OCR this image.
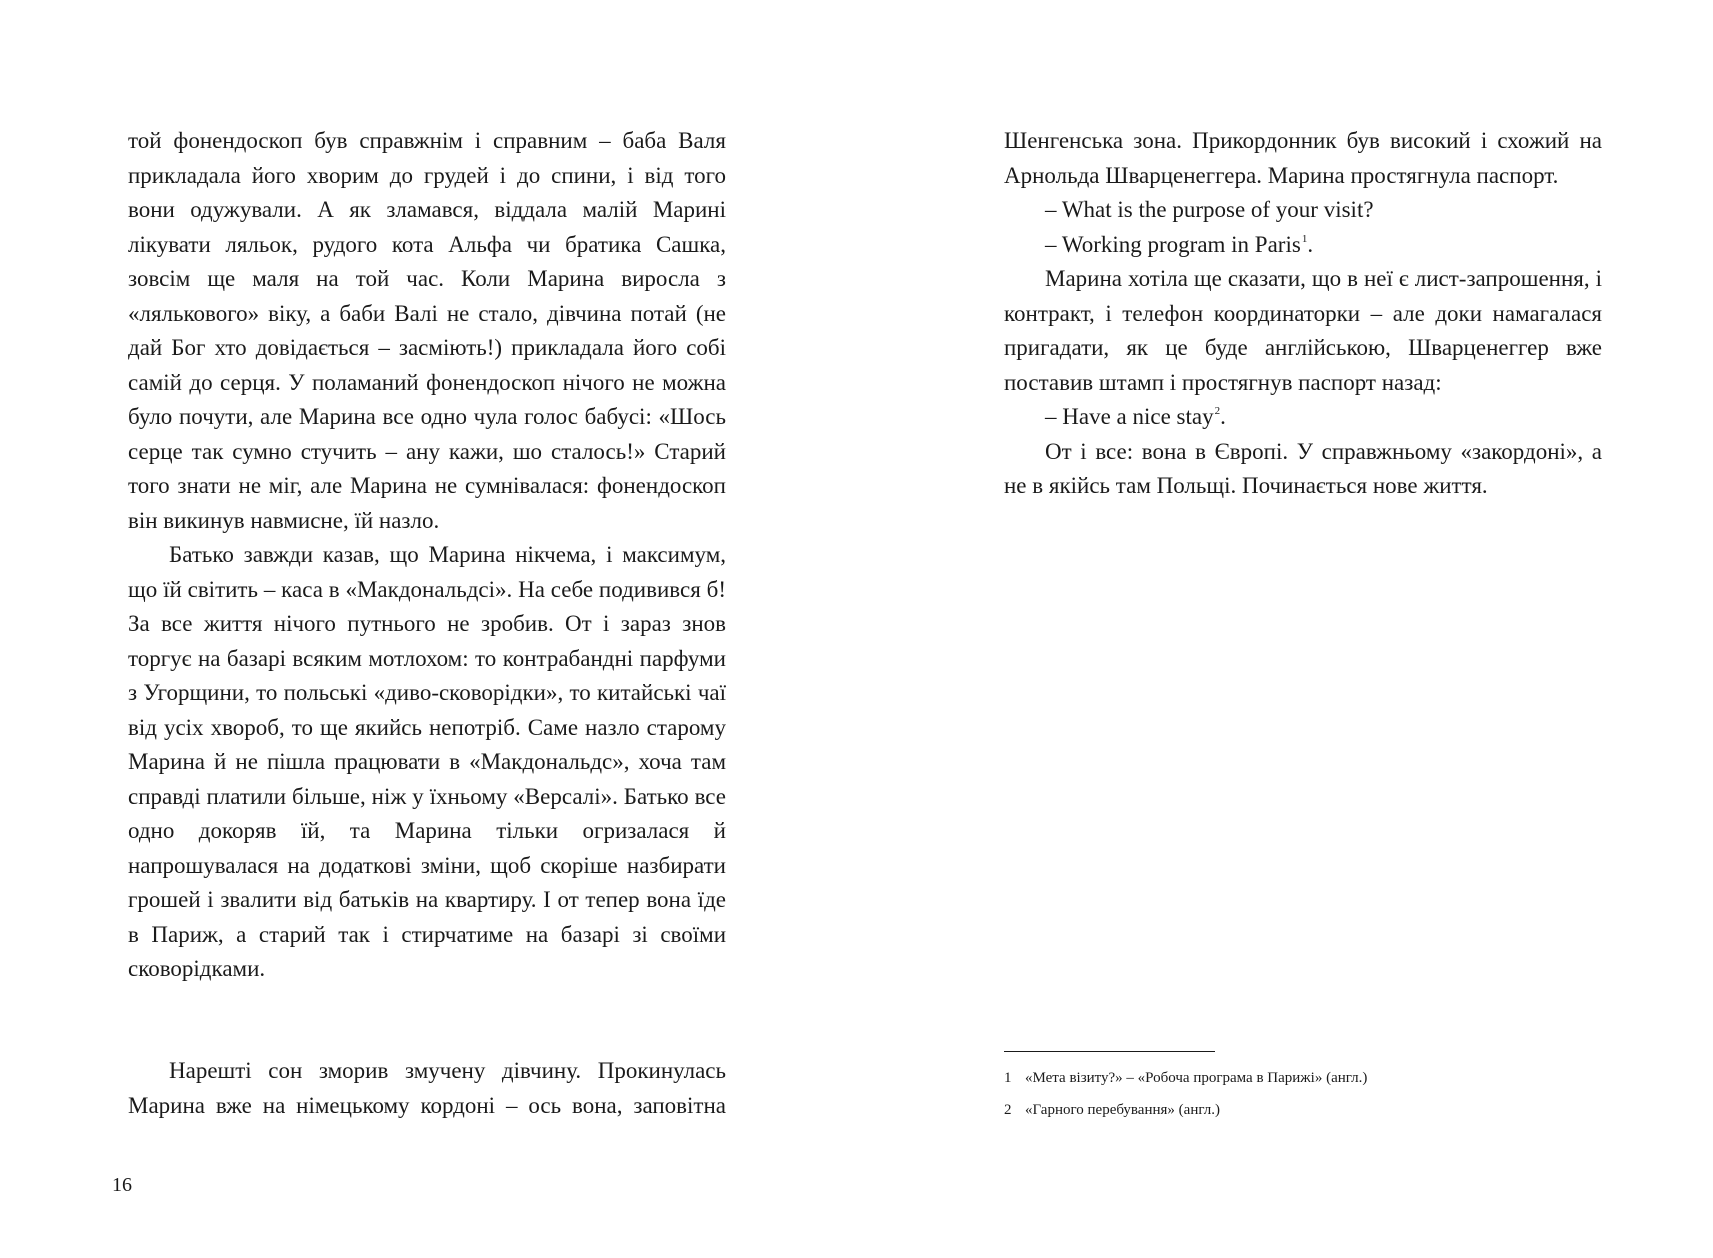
той фонендоскоп був справжнім і справним – баба Валя прикладала його хворим до грудей і до спини, і від того вони одужували. А як зламався, віддала малій Марині лікувати ляльок, рудого кота Альфа чи братика Сашка, зовсім ще маля на той час. Коли Марина виросла з «лялькового» віку, а баби Валі не стало, дівчина потай (не дай Бог хто довідається – засміють!) прикладала його собі самій до серця. У поламаний фонендоскоп нічого не можна було почути, але Марина все одно чула голос бабусі: «Шось серце так сумно стучить – ану кажи, шо сталось!» Старий того знати не міг, але Марина не сумнівалася: фонендоскоп він викинув навмисне, їй назло.

Батько завжди казав, що Марина нікчема, і максимум, що їй світить – каса в «Макдональдсі». На себе подивився б! За все життя нічого путнього не зробив. От і зараз знов торгує на базарі всяким мотлохом: то контрабандні парфуми з Угорщини, то польські «диво-сковорідки», то китайські чаї від усіх хвороб, то ще якийсь непотріб. Саме назло старому Марина й не пішла працювати в «Макдональдс», хоча там справді платили більше, ніж у їхньому «Версалі». Батько все одно докоряв їй, та Марина тільки огризалася й напрошувалася на додаткові зміни, щоб скоріше назбирати грошей і звалити від батьків на квартиру. І от тепер вона їде в Париж, а старий так і стирчатиме на базарі зі своїми сковорідками.

Нарешті сон зморив змучену дівчину. Прокинулась Марина вже на німецькому кордоні – ось вона, заповітна

16

Шенгенська зона. Прикордонник був високий і схожий на Арнольда Шварценеггера. Марина простягнула паспорт.

– What is the purpose of your visit?

– Working program in Paris$^1$.

Марина хотіла ще сказати, що в неї є лист-запрошення, і контракт, і телефон координаторки – але доки намагалася пригадати, як це буде англійською, Шварценеггер вже поставив штамп і простягнув паспорт назад:

– Have a nice stay$^2$.

От і все: вона в Європі. У справжньому «закордоні», а не в якійсь там Польщі. Починається нове життя.

1 «Мета візиту?» – «Робоча програма в Парижі» (англ.)
2 «Гарного перебування» (англ.)
